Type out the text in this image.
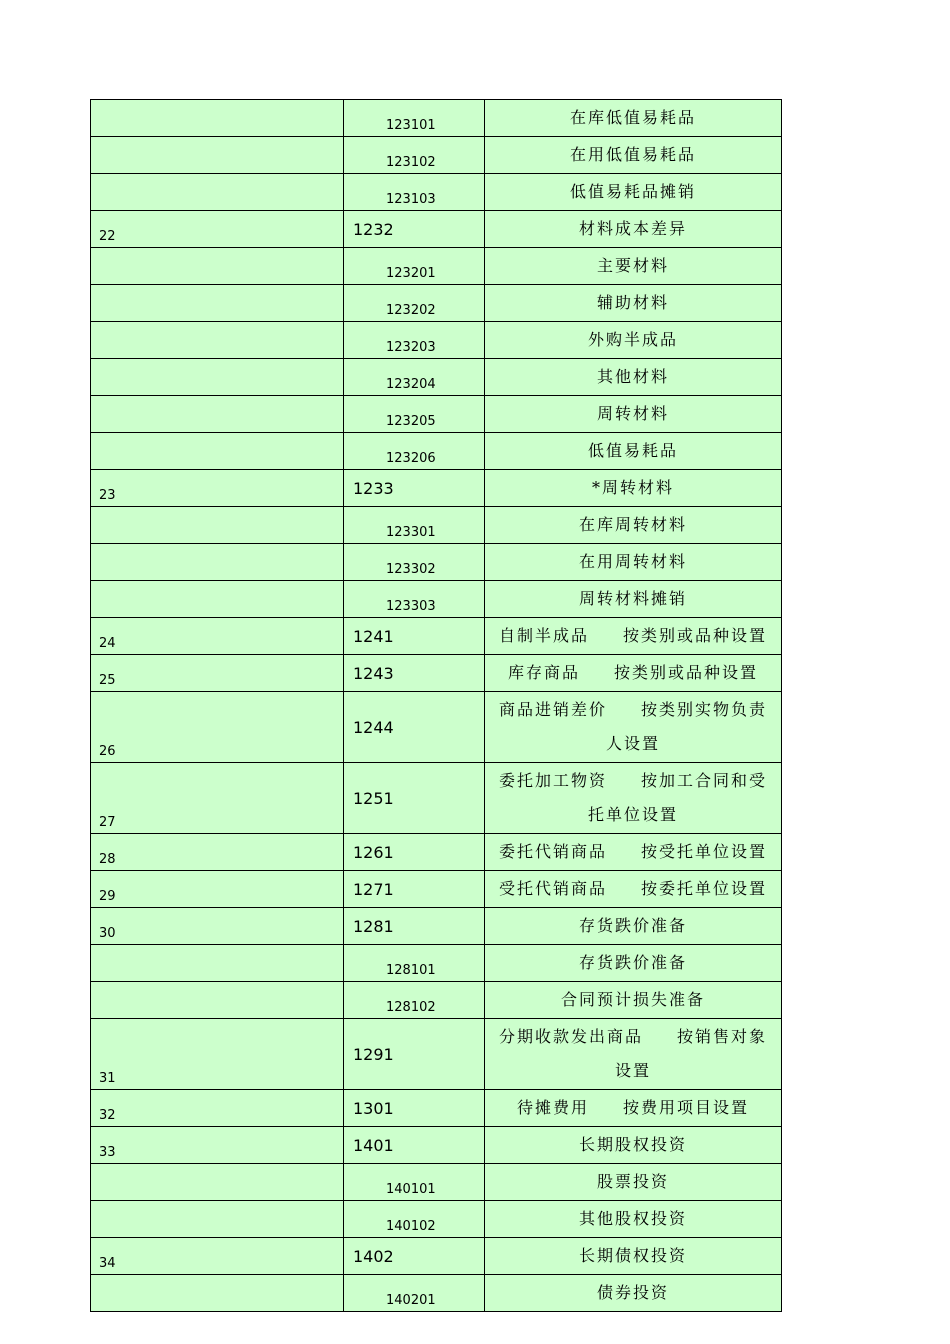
	123101	在库低值易耗品
	123102	在用低值易耗品
	123103	低值易耗品摊销
22	1232	材料成本差异
	123201	主要材料
	123202	辅助材料
	123203	外购半成品
	123204	其他材料
	123205	周转材料
	123206	低值易耗品
23	1233	*周转材料
	123301	在库周转材料
	123302	在用周转材料
	123303	周转材料摊销
24	1241	自制半成品 按类别或品种设置
25	1243	库存商品 按类别或品种设置
26	1244	商品进销差价 按类别实物负责人设置
27	1251	委托加工物资 按加工合同和受托单位设置
28	1261	委托代销商品 按受托单位设置
29	1271	受托代销商品 按委托单位设置
30	1281	存货跌价准备
	128101	存货跌价准备
	128102	合同预计损失准备
31	1291	分期收款发出商品 按销售对象设置
32	1301	待摊费用 按费用项目设置
33	1401	长期股权投资
	140101	股票投资
	140102	其他股权投资
34	1402	长期债权投资
	140201	债券投资
